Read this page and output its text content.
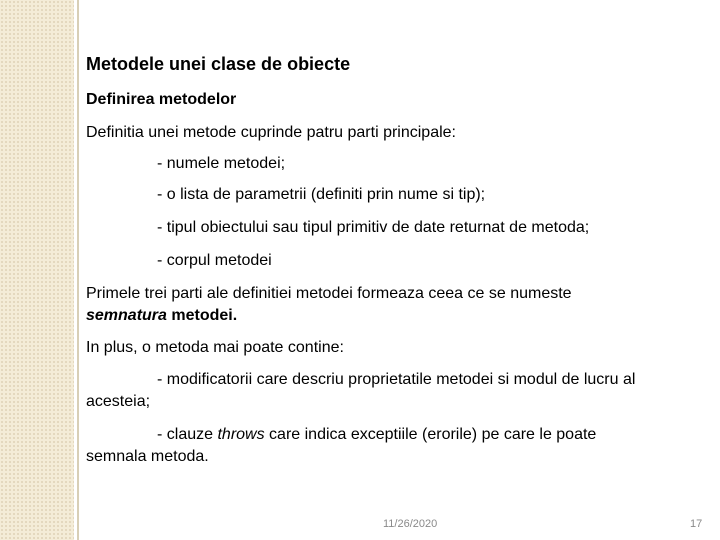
Metodele unei clase de obiecte
Definirea metodelor
Definitia unei metode cuprinde patru parti principale:
- numele metodei;
- o lista de parametrii (definiti prin nume si tip);
- tipul obiectului sau tipul primitiv de date returnat de metoda;
- corpul metodei
Primele trei parti ale definitiei metodei formeaza ceea ce se numeste
semnatura metodei.
In plus, o metoda mai poate contine:
- modificatorii care descriu proprietatile metodei si modul de lucru al
acesteia;
- clauze throws care indica exceptiile (erorile) pe care le poate
semnala metoda.
11/26/2020	17
